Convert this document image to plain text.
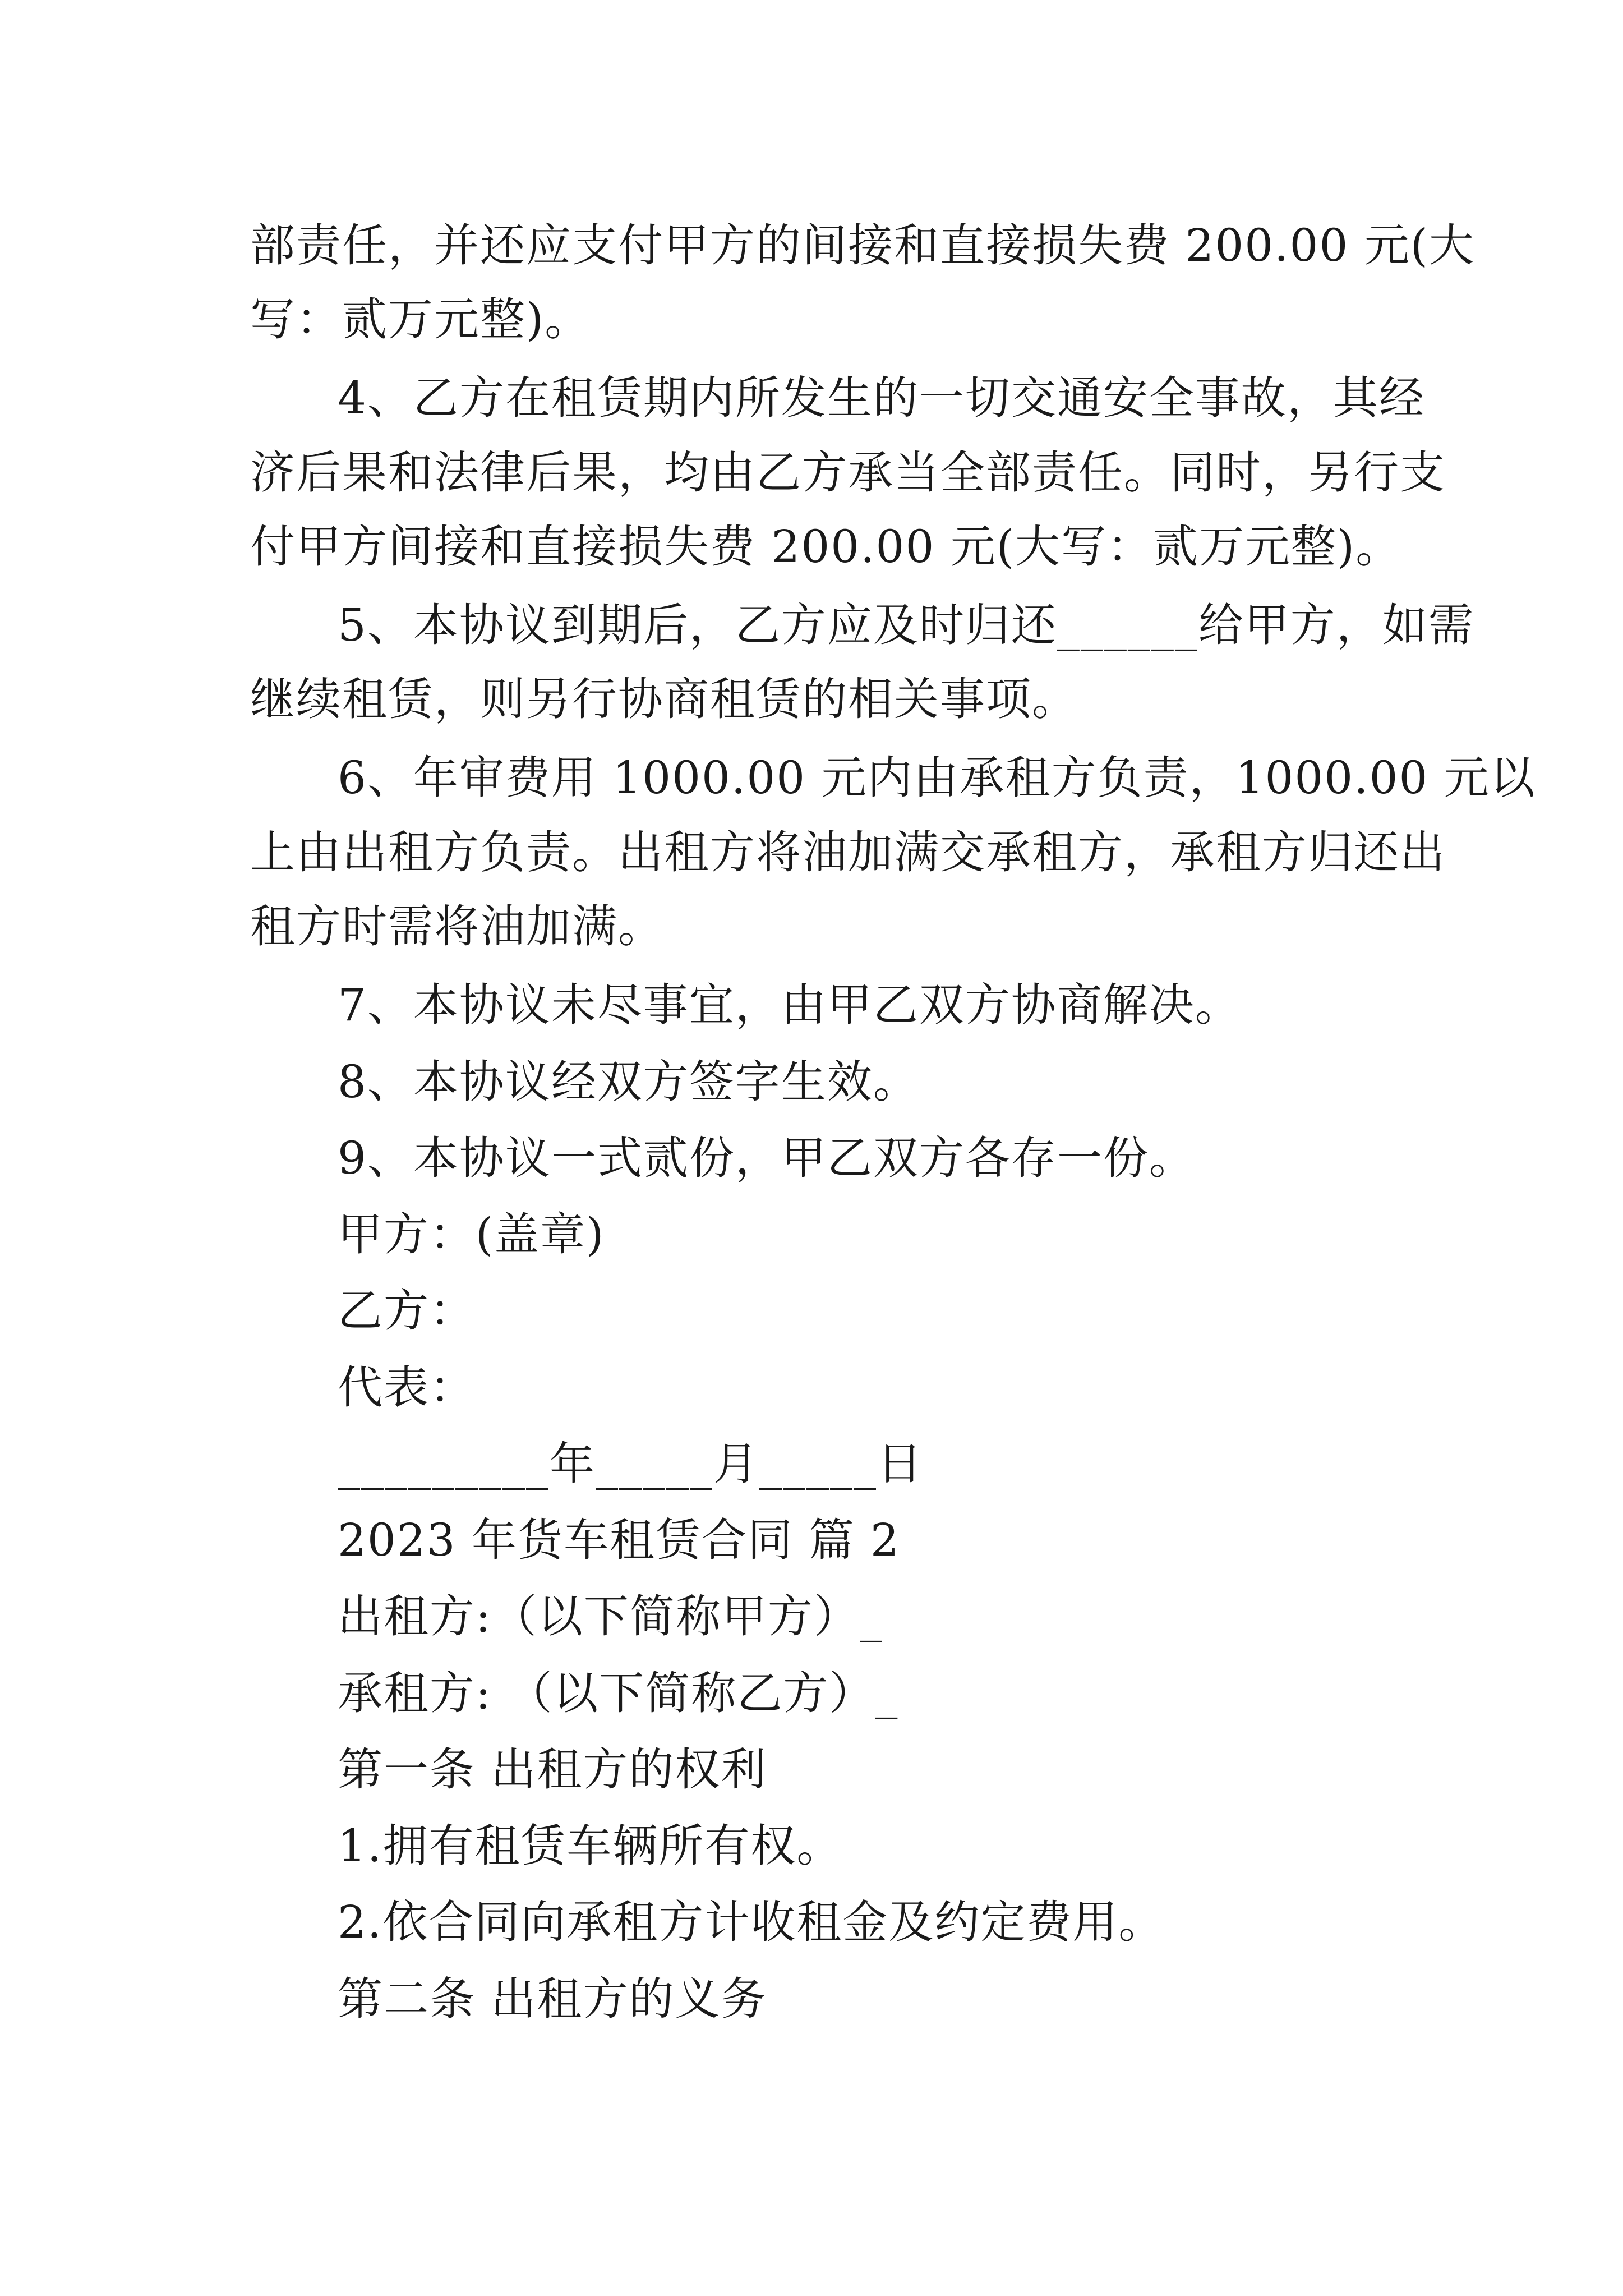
部责任，并还应支付甲方的间接和直接损失费 200.00 元(大
写：贰万元整)。
4、乙方在租赁期内所发生的一切交通安全事故，其经
济后果和法律后果，均由乙方承当全部责任。同时，另行支
付甲方间接和直接损失费 200.00 元(大写：贰万元整)。
5、本协议到期后，乙方应及时归还______给甲方，如需
继续租赁，则另行协商租赁的相关事项。
6、年审费用 1000.00 元内由承租方负责，1000.00 元以
上由出租方负责。出租方将油加满交承租方，承租方归还出
租方时需将油加满。
7、本协议未尽事宜，由甲乙双方协商解决。
8、本协议经双方签字生效。
9、本协议一式贰份，甲乙双方各存一份。
甲方：(盖章)
乙方：
代表：
_________年_____月_____日
2023 年货车租赁合同 篇 2
出租方:（以下简称甲方）_
承租方: （以下简称乙方）_
第一条 出租方的权利
1.拥有租赁车辆所有权。
2.依合同向承租方计收租金及约定费用。
第二条 出租方的义务
